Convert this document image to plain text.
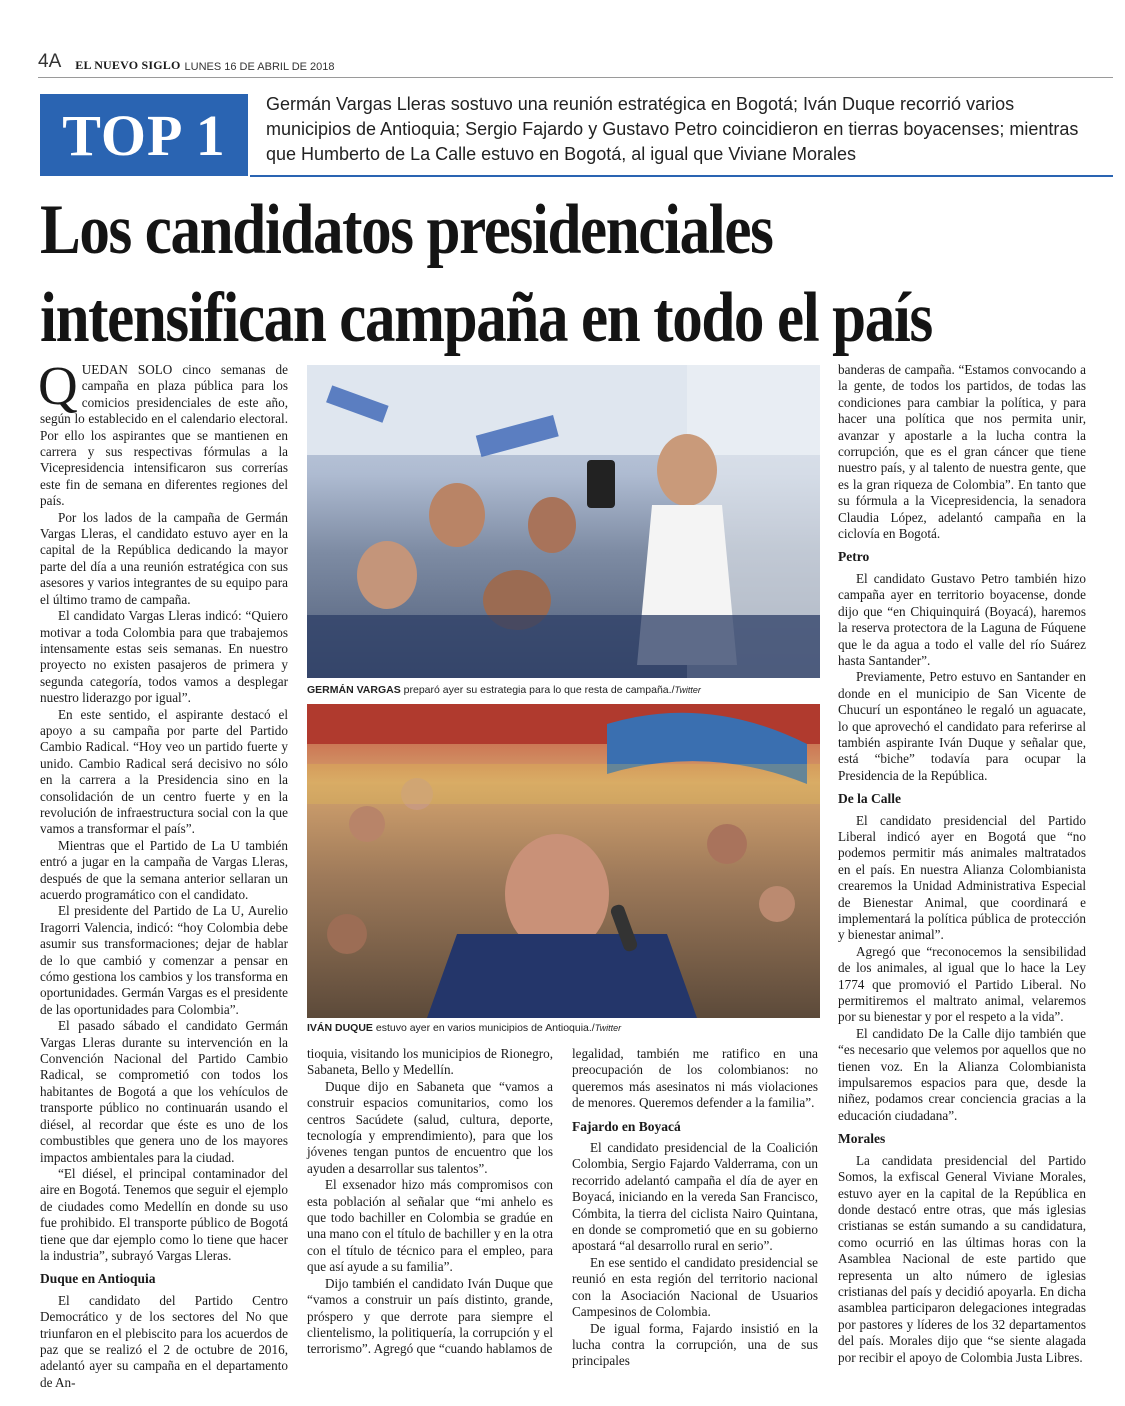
4A EL NUEVO SIGLO LUNES 16 DE ABRIL DE 2018
TOP 1 Germán Vargas Lleras sostuvo una reunión estratégica en Bogotá; Iván Duque recorrió varios municipios de Antioquia; Sergio Fajardo y Gustavo Petro coincidieron en tierras boyacenses; mientras que Humberto de La Calle estuvo en Bogotá, al igual que Viviane Morales
Los candidatos presidenciales
intensifican campaña en todo el país

QUEDAN SOLO cinco semanas de campaña en plaza pública para los comicios presidenciales de este año, según lo establecido en el calendario electoral. Por ello los aspirantes que se mantienen en carrera y sus respectivas fórmulas a la Vicepresidencia intensificaron sus correrías este fin de semana en diferentes regiones del país.

Por los lados de la campaña de Germán Vargas Lleras, el candidato estuvo ayer en la capital de la República dedicando la mayor parte del día a una reunión estratégica con sus asesores y varios integrantes de su equipo para el último tramo de campaña.

El candidato Vargas Lleras indicó: “Quiero motivar a toda Colombia para que trabajemos intensamente estas seis semanas. En nuestro proyecto no existen pasajeros de primera y segunda categoría, todos vamos a desplegar nuestro liderazgo por igual”.

En este sentido, el aspirante destacó el apoyo a su campaña por parte del Partido Cambio Radical. “Hoy veo un partido fuerte y unido. Cambio Radical será decisivo no sólo en la carrera a la Presidencia sino en la consolidación de un centro fuerte y en la revolución de infraestructura social con la que vamos a transformar el país”.

Mientras que el Partido de La U también entró a jugar en la campaña de Vargas Lleras, después de que la semana anterior sellaran un acuerdo programático con el candidato.

El presidente del Partido de La U, Aurelio Iragorri Valencia, indicó: “hoy Colombia debe asumir sus transformaciones; dejar de hablar de lo que cambió y comenzar a pensar en cómo gestiona los cambios y los transforma en oportunidades. Germán Vargas es el presidente de las oportunidades para Colombia”.

El pasado sábado el candidato Germán Vargas Lleras durante su intervención en la Convención Nacional del Partido Cambio Radical, se comprometió con todos los habitantes de Bogotá a que los vehículos de transporte público no continuarán usando el diésel, al recordar que éste es uno de los combustibles que genera uno de los mayores impactos ambientales para la ciudad.

“El diésel, el principal contaminador del aire en Bogotá. Tenemos que seguir el ejemplo de ciudades como Medellín en donde su uso fue prohibido. El transporte público de Bogotá tiene que dar ejemplo como lo tiene que hacer la industria”, subrayó Vargas Lleras.

Duque en Antioquia

El candidato del Partido Centro Democrático y de los sectores del No que triunfaron en el plebiscito para los acuerdos de paz que se realizó el 2 de octubre de 2016, adelantó ayer su campaña en el departamento de An-

GERMÁN VARGAS preparó ayer su estrategia para lo que resta de campaña./Twitter
IVÁN DUQUE estuvo ayer en varios municipios de Antioquia./Twitter

tioquia, visitando los municipios de Rionegro, Sabaneta, Bello y Medellín.

Duque dijo en Sabaneta que “vamos a construir espacios comunitarios, como los centros Sacúdete (salud, cultura, deporte, tecnología y emprendimiento), para que los jóvenes tengan puntos de encuentro que los ayuden a desarrollar sus talentos”.

El exsenador hizo más compromisos con esta población al señalar que “mi anhelo es que todo bachiller en Colombia se gradúe en una mano con el título de bachiller y en la otra con el título de técnico para el empleo, para que así ayude a su familia”.

Dijo también el candidato Iván Duque que “vamos a construir un país distinto, grande, próspero y que derrote para siempre el clientelismo, la politiquería, la corrupción y el terrorismo”. Agregó que “cuando hablamos de

legalidad, también me ratifico en una preocupación de los colombianos: no queremos más asesinatos ni más violaciones de menores. Queremos defender a la familia”.

Fajardo en Boyacá

El candidato presidencial de la Coalición Colombia, Sergio Fajardo Valderrama, con un recorrido adelantó campaña el día de ayer en Boyacá, iniciando en la vereda San Francisco, Cómbita, la tierra del ciclista Nairo Quintana, en donde se comprometió que en su gobierno apostará “al desarrollo rural en serio”.

En ese sentido el candidato presidencial se reunió en esta región del territorio nacional con la Asociación Nacional de Usuarios Campesinos de Colombia.

De igual forma, Fajardo insistió en la lucha contra la corrupción, una de sus principales

banderas de campaña. “Estamos convocando a la gente, de todos los partidos, de todas las condiciones para cambiar la política, y para hacer una política que nos permita unir, avanzar y apostarle a la lucha contra la corrupción, que es el gran cáncer que tiene nuestro país, y al talento de nuestra gente, que es la gran riqueza de Colombia”. En tanto que su fórmula a la Vicepresidencia, la senadora Claudia López, adelantó campaña en la ciclovía en Bogotá.

Petro

El candidato Gustavo Petro también hizo campaña ayer en territorio boyacense, donde dijo que “en Chiquinquirá (Boyacá), haremos la reserva protectora de la Laguna de Fúquene que le da agua a todo el valle del río Suárez hasta Santander”.

Previamente, Petro estuvo en Santander en donde en el municipio de San Vicente de Chucurí un espontáneo le regaló un aguacate, lo que aprovechó el candidato para referirse al también aspirante Iván Duque y señalar que, está “biche” todavía para ocupar la Presidencia de la República.

De la Calle

El candidato presidencial del Partido Liberal indicó ayer en Bogotá que “no podemos permitir más animales maltratados en el país. En nuestra Alianza Colombianista crearemos la Unidad Administrativa Especial de Bienestar Animal, que coordinará e implementará la política pública de protección y bienestar animal”.

Agregó que “reconocemos la sensibilidad de los animales, al igual que lo hace la Ley 1774 que promovió el Partido Liberal. No permitiremos el maltrato animal, velaremos por su bienestar y por el respeto a la vida”.

El candidato De la Calle dijo también que “es necesario que velemos por aquellos que no tienen voz. En la Alianza Colombianista impulsaremos espacios para que, desde la niñez, podamos crear conciencia gracias a la educación ciudadana”.

Morales

La candidata presidencial del Partido Somos, la exfiscal General Viviane Morales, estuvo ayer en la capital de la República en donde destacó entre otras, que más iglesias cristianas se están sumando a su candidatura, como ocurrió en las últimas horas con la Asamblea Nacional de este partido que representa un alto número de iglesias cristianas del país y decidió apoyarla. En dicha asamblea participaron delegaciones integradas por pastores y líderes de los 32 departamentos del país. Morales dijo que “se siente alagada por recibir el apoyo de Colombia Justa Libres.
